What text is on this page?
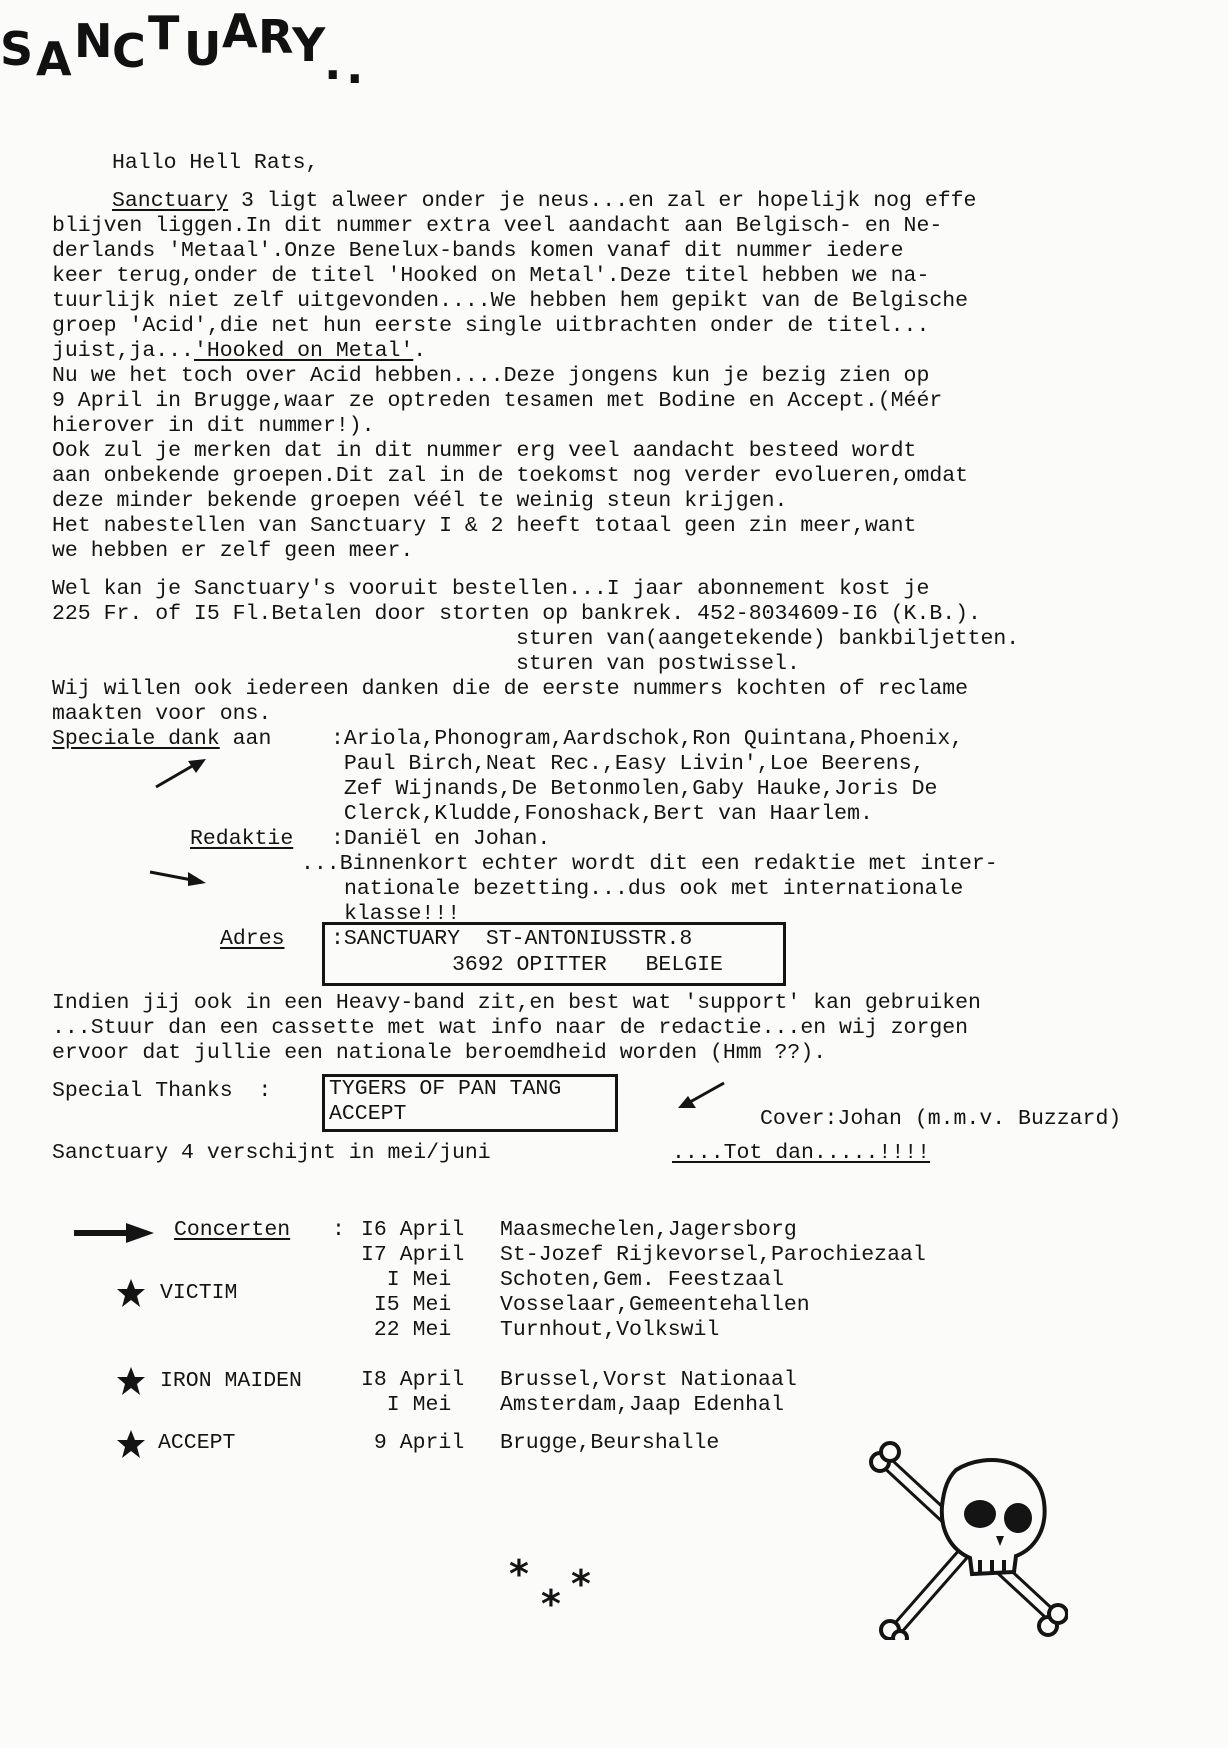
S A N C T U A R
Y
. .
Hallo Hell Rats,
Sanctuary 3 ligt alweer onder je neus...en zal er hopelijk nog effe
blijven liggen.In dit nummer extra veel aandacht aan Belgisch- en Ne-
derlands 'Metaal'.Onze Benelux-bands komen vanaf dit nummer iedere
keer terug,onder de titel 'Hooked on Metal'.Deze titel hebben we na-
tuurlijk niet zelf uitgevonden....We hebben hem gepikt van de Belgische
groep 'Acid',die net hun eerste single uitbrachten onder de titel...
juist,ja...'Hooked on Metal'.
Nu we het toch over Acid hebben....Deze jongens kun je bezig zien op
9 April in Brugge,waar ze optreden tesamen met Bodine en Accept.(Méér
hierover in dit nummer!).
Ook zul je merken dat in dit nummer erg veel aandacht besteed wordt
aan onbekende groepen.Dit zal in de toekomst nog verder evolueren,omdat
deze minder bekende groepen véél te weinig steun krijgen.
Het nabestellen van Sanctuary I & 2 heeft totaal geen zin meer,want
we hebben er zelf geen meer.
Wel kan je Sanctuary's vooruit bestellen...I jaar abonnement kost je
225 Fr. of I5 Fl.Betalen door storten op bankrek. 452-8034609-I6 (K.B.).
sturen van(aangetekende) bankbiljetten.
sturen van postwissel.
Wij willen ook iedereen danken die de eerste nummers kochten of reclame
maakten voor ons.
Speciale dank aan	:Ariola,Phonogram,Aardschok,Ron Quintana,Phoenix,
Paul Birch,Neat Rec.,Easy Livin',Loe Beerens,
Zef Wijnands,De Betonmolen,Gaby Hauke,Joris De
Clerck,Kludde,Fonoshack,Bert van Haarlem.
Redaktie :Daniël en Johan.
...Binnenkort echter wordt dit een redaktie met inter-
nationale bezetting...dus ook met internationale
klasse!!!
Adres :SANCTUARY  ST-ANTONIUSSTR.8
3692 OPITTER   BELGIE
Indien jij ook in een Heavy-band zit,en best wat 'support' kan gebruiken
...Stuur dan een cassette met wat info naar de redactie...en wij zorgen
ervoor dat jullie een nationale beroemdheid worden (Hmm ??).
Special Thanks  :	TYGERS OF PAN TANG
ACCEPT	Cover:Johan (m.m.v. Buzzard)
Sanctuary 4 verschijnt in mei/juni	....Tot dan.....!!!!
Concerten :
VICTIM
I6 April Maasmechelen,Jagersborg
I7 April St-Jozef Rijkevorsel,Parochiezaal
I Mei Schoten,Gem. Feestzaal
I5 Mei Vosselaar,Gemeentehallen
22 Mei Turnhout,Volkswil
IRON MAIDEN	I8 April Brussel,Vorst Nationaal
I Mei Amsterdam,Jaap Edenhal
ACCEPT	9 April Brugge,Beurshalle
*
* *
